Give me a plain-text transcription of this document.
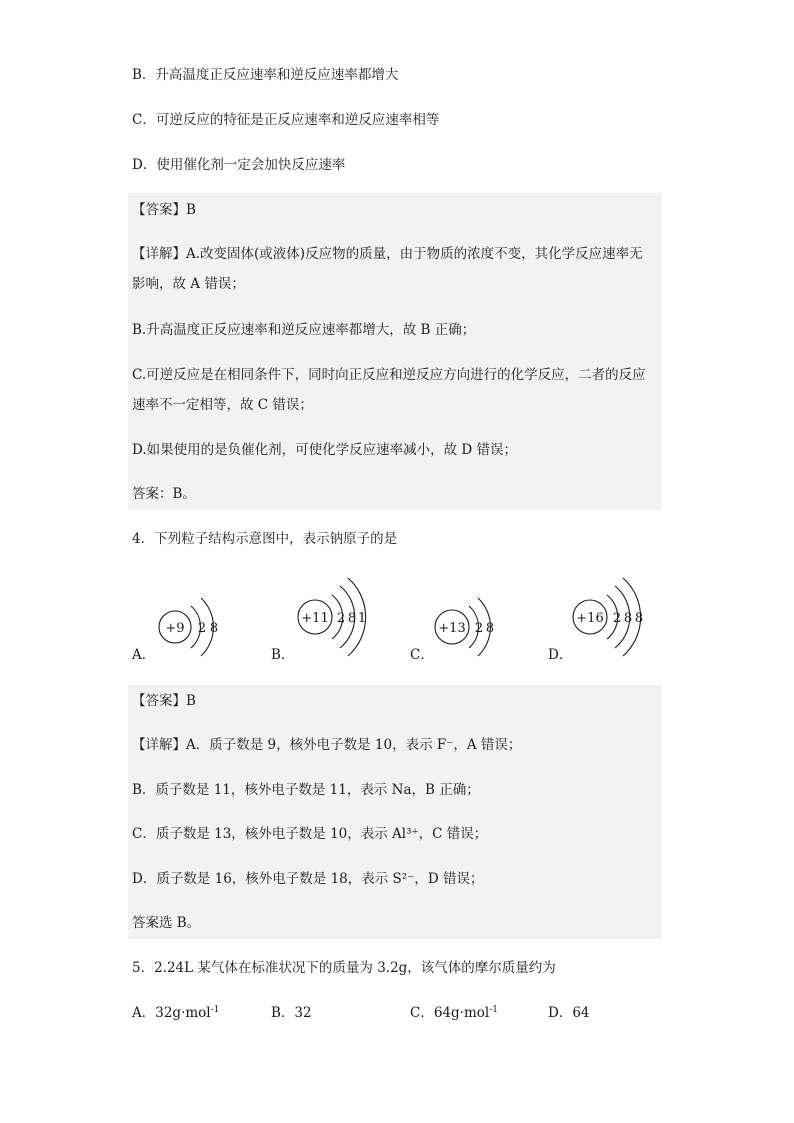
B．升高温度正反应速率和逆反应速率都增大
C．可逆反应的特征是正反应速率和逆反应速率相等
D．使用催化剂一定会加快反应速率
【答案】B
【详解】A.改变固体(或液体)反应物的质量，由于物质的浓度不变，其化学反应速率无
影响，故 A 错误；
B.升高温度正反应速率和逆反应速率都增大，故 B 正确；
C.可逆反应是在相同条件下，同时向正反应和逆反应方向进行的化学反应，二者的反应
速率不一定相等，故 C 错误；
D.如果使用的是负催化剂，可使化学反应速率减小，故 D 错误；
答案：B。
4．下列粒子结构示意图中，表示钠原子的是
+9 2 8
A．
+11 2 8 1
B．
+13 2 8
C．
+16 2 8 8
D．
【答案】B
【详解】A．质子数是 9，核外电子数是 10，表示 F⁻，A 错误；
B．质子数是 11，核外电子数是 11，表示 Na，B 正确；
C．质子数是 13，核外电子数是 10，表示 Al³⁺，C 错误；
D．质子数是 16，核外电子数是 18，表示 S²⁻，D 错误；
答案选 B。
5．2.24L 某气体在标准状况下的质量为 3.2g，该气体的摩尔质量约为
A．32g·mol$^{-1}$	B．32	C．64g·mol$^{-1}$	D．64
